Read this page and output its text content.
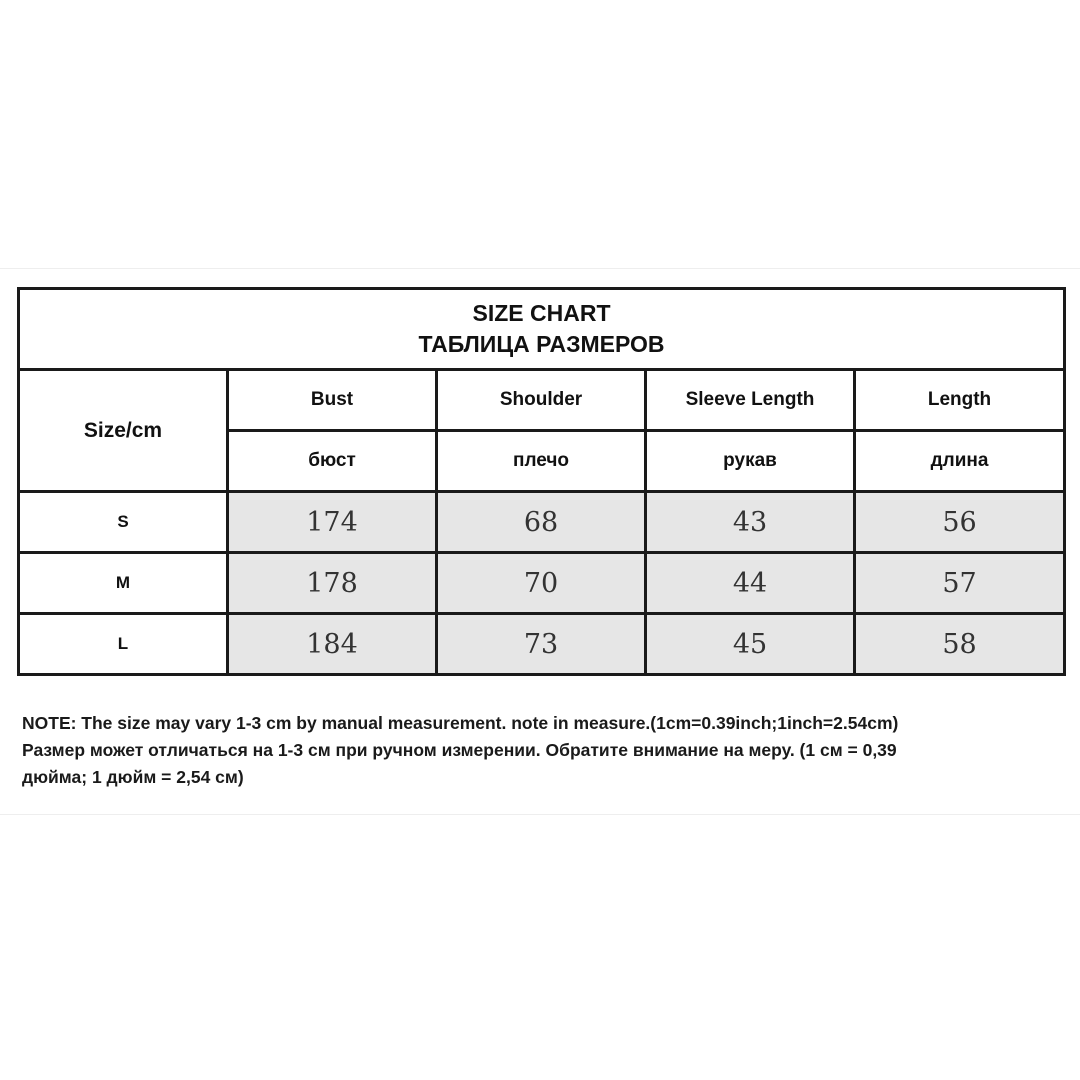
SIZE CHART
ТАБЛИЦА РАЗМЕРОВ				

Size/cm	Bust	Shoulder	Sleeve Length	Length
	бюст	плечо	рукав	длина
S	174	68	43	56
M	178	70	44	57
L	184	73	45	58
NOTE: The size may vary 1-3 cm by manual measurement. note in measure.(1cm=0.39inch;1inch=2.54cm)
Размер может отличаться на 1-3 см при ручном измерении. Обратите внимание на меру. (1 см = 0,39
дюйма; 1 дюйм = 2,54 см)
